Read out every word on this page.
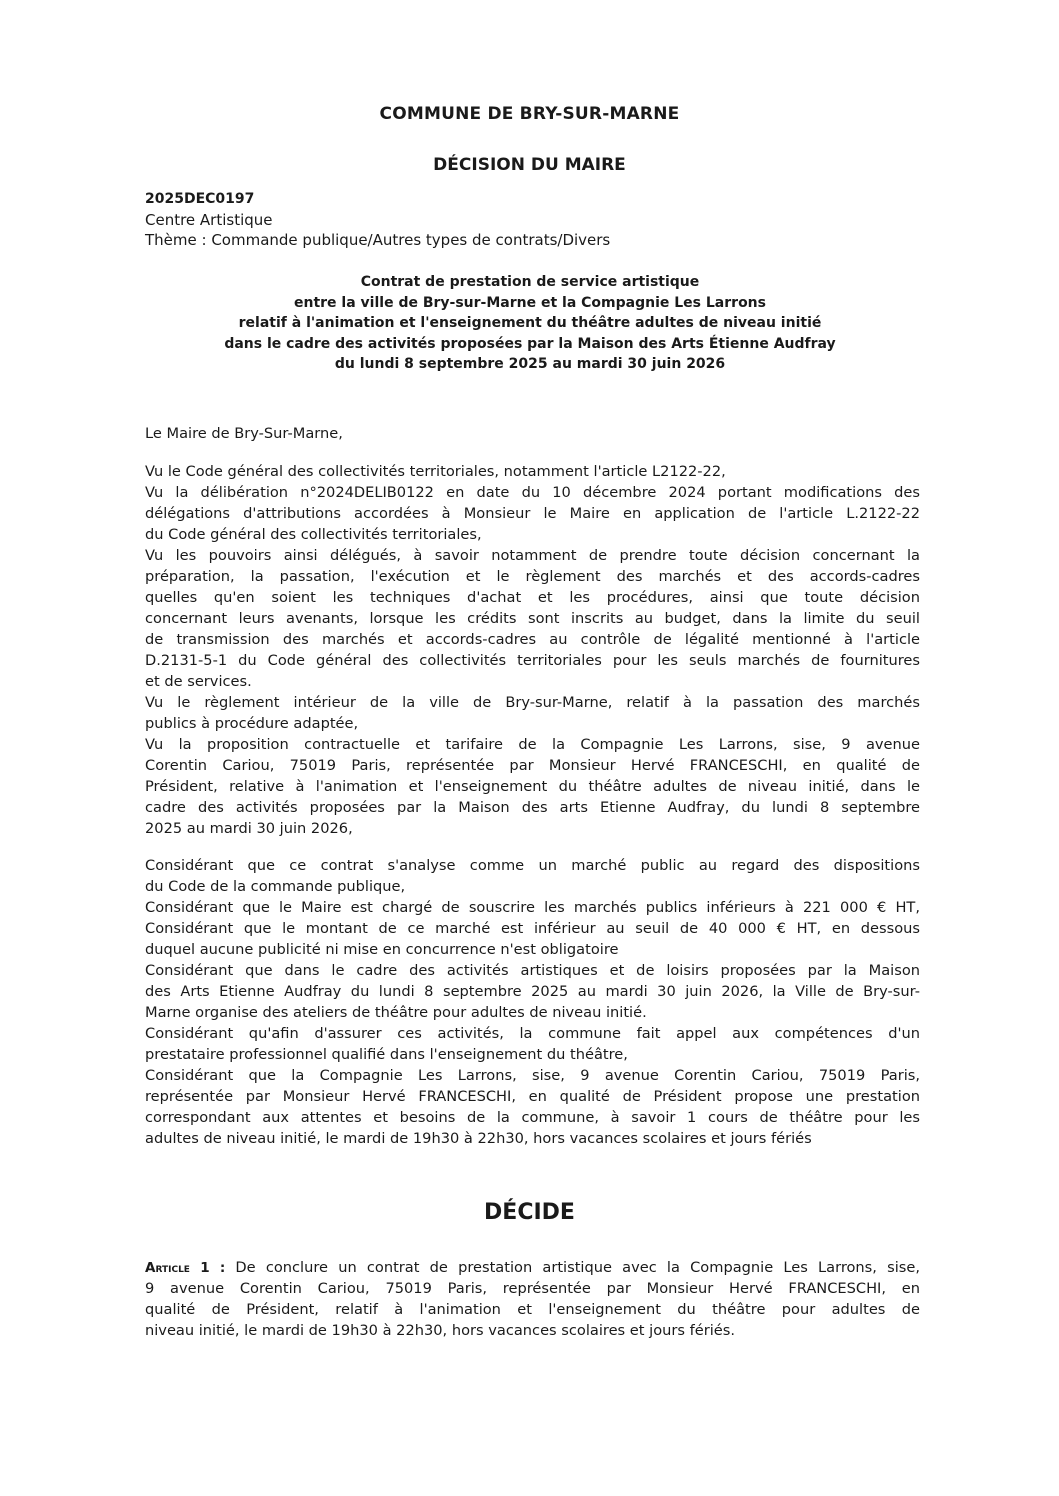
COMMUNE DE BRY-SUR-MARNE
DÉCISION DU MAIRE
2025DEC0197
Centre Artistique
Thème : Commande publique/Autres types de contrats/Divers
Contrat de prestation de service artistique
entre la ville de Bry-sur-Marne et la Compagnie Les Larrons
relatif à l'animation et l'enseignement du théâtre adultes de niveau initié
dans le cadre des activités proposées par la Maison des Arts Étienne Audfray
du lundi 8 septembre 2025 au mardi 30 juin 2026
Le Maire de Bry-Sur-Marne,
Vu le Code général des collectivités territoriales, notamment l'article L2122-22,
Vu la délibération n°2024DELIB0122 en date du 10 décembre 2024 portant modifications des
délégations d'attributions accordées à Monsieur le Maire en application de l'article L.2122-22
du Code général des collectivités territoriales,
Vu les pouvoirs ainsi délégués, à savoir notamment de prendre toute décision concernant la
préparation, la passation, l'exécution et le règlement des marchés et des accords-cadres
quelles qu'en soient les techniques d'achat et les procédures, ainsi que toute décision
concernant leurs avenants, lorsque les crédits sont inscrits au budget, dans la limite du seuil
de transmission des marchés et accords-cadres au contrôle de légalité mentionné à l'article
D.2131-5-1 du Code général des collectivités territoriales pour les seuls marchés de fournitures
et de services.
Vu le règlement intérieur de la ville de Bry-sur-Marne, relatif à la passation des marchés
publics à procédure adaptée,
Vu la proposition contractuelle et tarifaire de la Compagnie Les Larrons, sise, 9 avenue
Corentin Cariou, 75019 Paris, représentée par Monsieur Hervé FRANCESCHI, en qualité de
Président, relative à l'animation et l'enseignement du théâtre adultes de niveau initié, dans le
cadre des activités proposées par la Maison des arts Etienne Audfray, du lundi 8 septembre
2025 au mardi 30 juin 2026,
Considérant que ce contrat s'analyse comme un marché public au regard des dispositions
du Code de la commande publique,
Considérant que le Maire est chargé de souscrire les marchés publics inférieurs à 221 000 € HT,
Considérant que le montant de ce marché est inférieur au seuil de 40 000 € HT, en dessous
duquel aucune publicité ni mise en concurrence n'est obligatoire
Considérant que dans le cadre des activités artistiques et de loisirs proposées par la Maison
des Arts Etienne Audfray du lundi 8 septembre 2025 au mardi 30 juin 2026, la Ville de Bry-sur-
Marne organise des ateliers de théâtre pour adultes de niveau initié.
Considérant qu'afin d'assurer ces activités, la commune fait appel aux compétences d'un
prestataire professionnel qualifié dans l'enseignement du théâtre,
Considérant que la Compagnie Les Larrons, sise, 9 avenue Corentin Cariou, 75019 Paris,
représentée par Monsieur Hervé FRANCESCHI, en qualité de Président propose une prestation
correspondant aux attentes et besoins de la commune, à savoir 1 cours de théâtre pour les
adultes de niveau initié, le mardi de 19h30 à 22h30, hors vacances scolaires et jours fériés
DÉCIDE
Article 1 : De conclure un contrat de prestation artistique avec la Compagnie Les Larrons, sise,
9 avenue Corentin Cariou, 75019 Paris, représentée par Monsieur Hervé FRANCESCHI, en
qualité de Président, relatif à l'animation et l'enseignement du théâtre pour adultes de
niveau initié, le mardi de 19h30 à 22h30, hors vacances scolaires et jours fériés.
